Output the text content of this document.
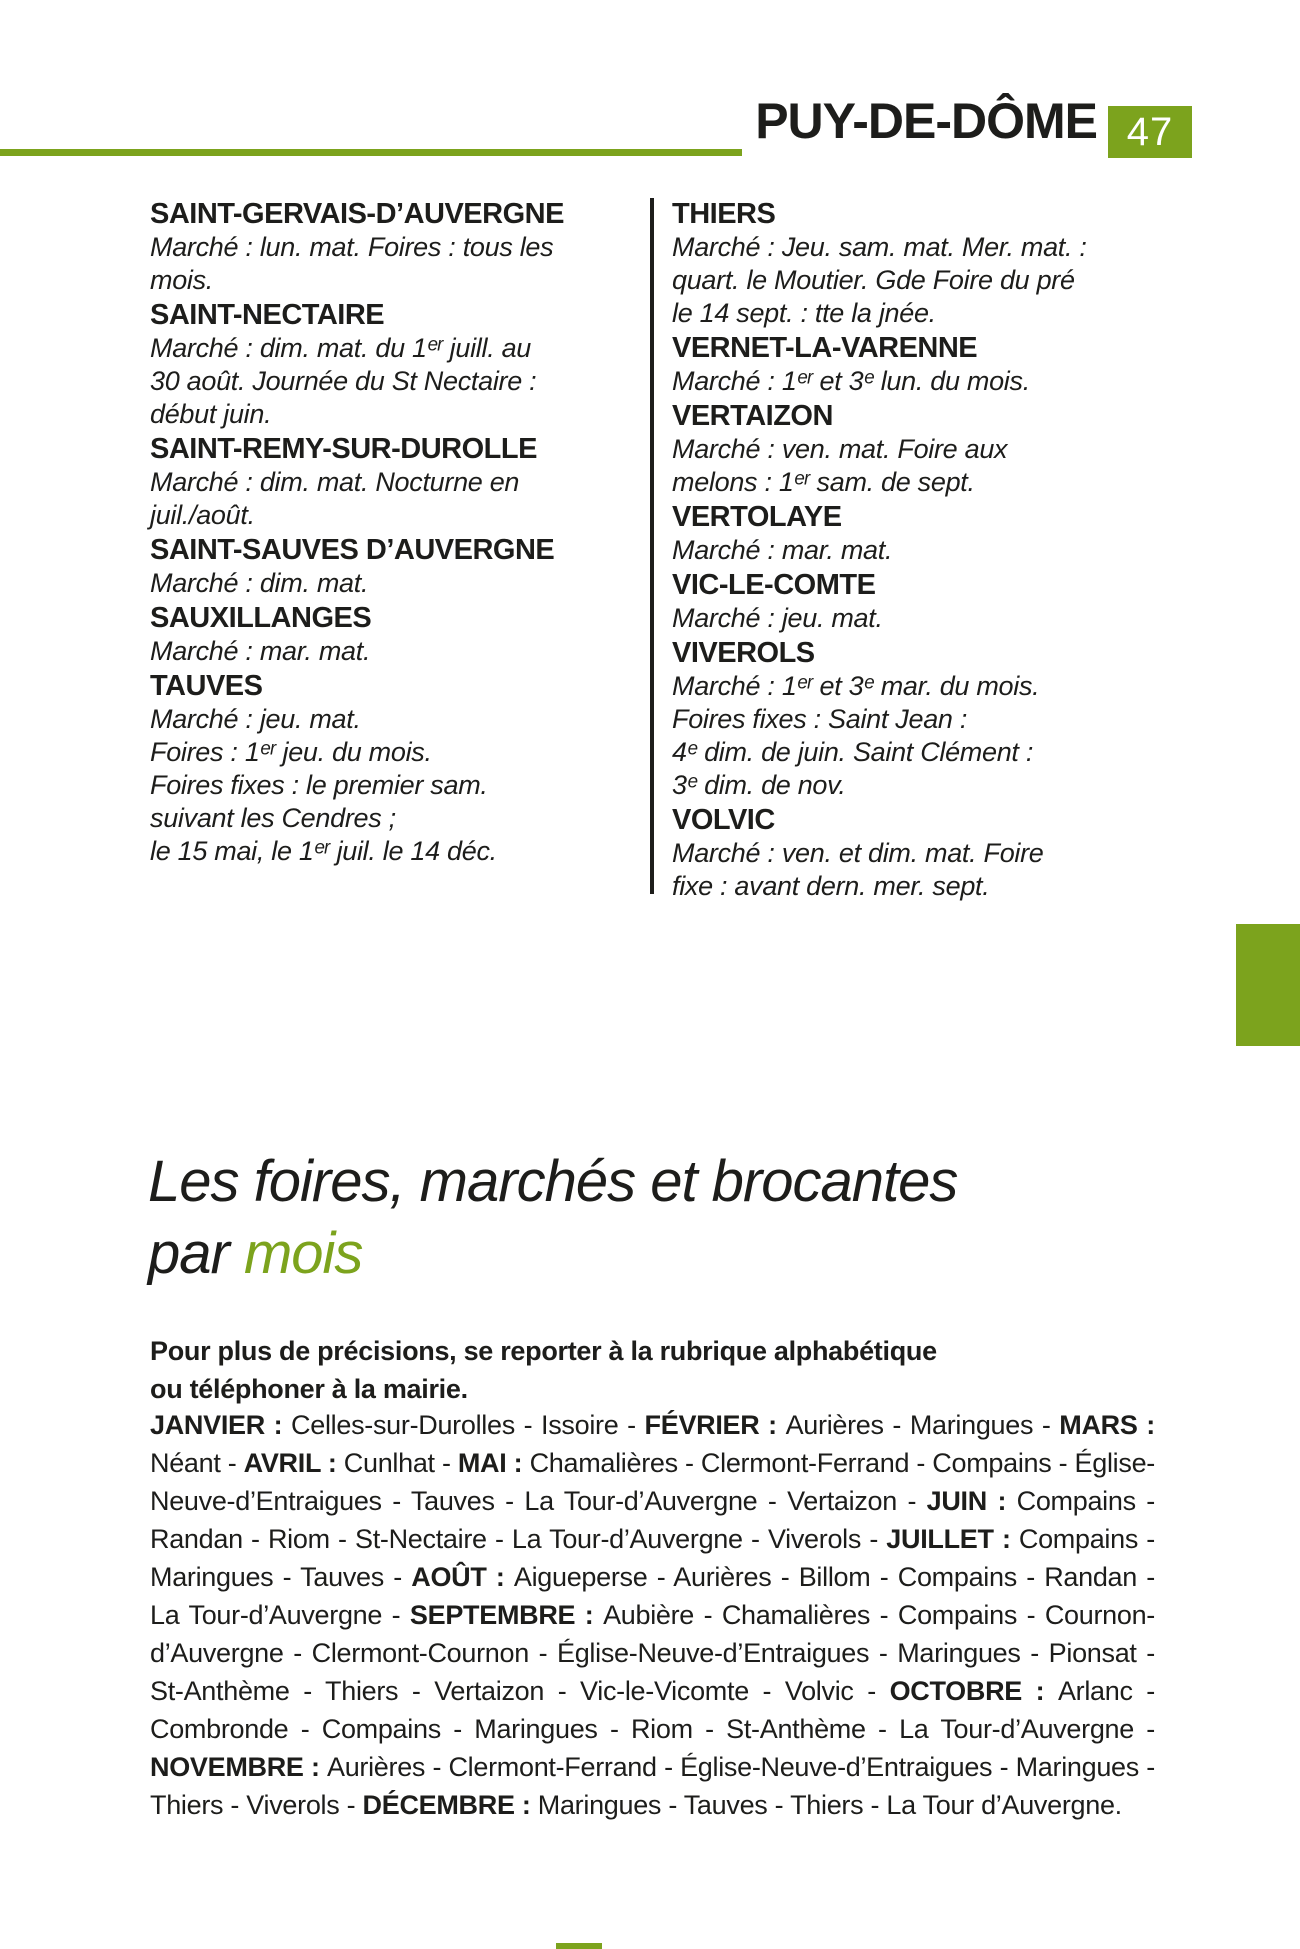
PUY-DE-DÔME 47
SAINT-GERVAIS-D’AUVERGNE
Marché : lun. mat. Foires : tous les
mois.
SAINT-NECTAIRE
Marché : dim. mat. du 1ᵉʳ juill. au
30 août. Journée du St Nectaire :
début juin.
SAINT-REMY-SUR-DUROLLE
Marché : dim. mat. Nocturne en
juil./août.
SAINT-SAUVES D’AUVERGNE
Marché : dim. mat.
SAUXILLANGES
Marché : mar. mat.
TAUVES
Marché : jeu. mat.
Foires : 1ᵉʳ jeu. du mois.
Foires fixes : le premier sam.
suivant les Cendres ;
le 15 mai, le 1ᵉʳ juil. le 14 déc.
THIERS
Marché : Jeu. sam. mat. Mer. mat. :
quart. le Moutier. Gde Foire du pré
le 14 sept. : tte la jnée.
VERNET-LA-VARENNE
Marché : 1ᵉʳ et 3ᵉ lun. du mois.
VERTAIZON
Marché : ven. mat. Foire aux
melons : 1ᵉʳ sam. de sept.
VERTOLAYE
Marché : mar. mat.
VIC-LE-COMTE
Marché : jeu. mat.
VIVEROLS
Marché : 1ᵉʳ et 3ᵉ mar. du mois.
Foires fixes : Saint Jean :
4ᵉ dim. de juin. Saint Clément :
3ᵉ dim. de nov.
VOLVIC
Marché : ven. et dim. mat. Foire
fixe : avant dern. mer. sept.
Les foires, marchés et brocantes
par mois

Pour plus de précisions, se reporter à la rubrique alphabétique
ou téléphoner à la mairie.

JANVIER : Celles-sur-Durolles - Issoire - FÉVRIER : Aurières - Maringues - MARS : Néant - AVRIL : Cunlhat - MAI : Chamalières - Clermont-Ferrand - Compains - Église-Neuve-d’Entraigues - Tauves - La Tour-d’Auvergne - Vertaizon - JUIN : Compains - Randan - Riom - St-Nectaire - La Tour-d’Auvergne - Viverols - JUILLET : Compains - Maringues - Tauves - AOÛT : Aigueperse - Aurières - Billom - Compains - Randan - La Tour-d’Auvergne - SEPTEMBRE : Aubière - Chamalières - Compains - Cournon-d’Auvergne - Clermont-Cournon - Église-Neuve-d’Entraigues - Maringues - Pionsat - St-Anthème - Thiers - Vertaizon - Vic-le-Vicomte - Volvic - OCTOBRE : Arlanc - Combronde - Compains - Maringues - Riom - St-Anthème - La Tour-d’Auvergne - NOVEMBRE : Aurières - Clermont-Ferrand - Église-Neuve-d’Entraigues - Maringues - Thiers - Viverols - DÉCEMBRE : Maringues - Tauves - Thiers - La Tour d’Auvergne.
